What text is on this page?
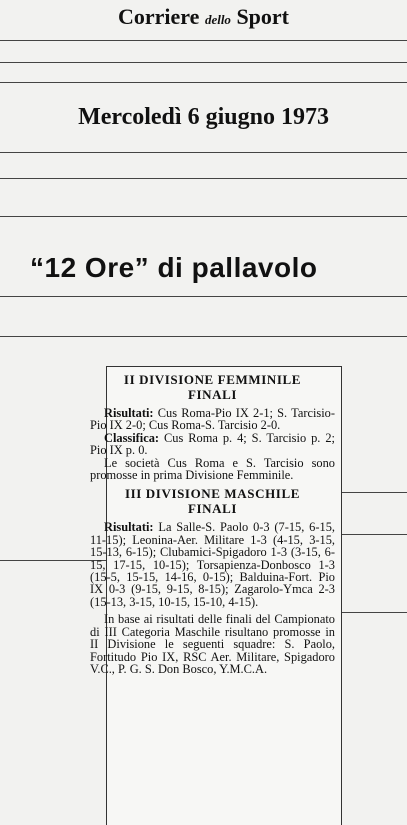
Corriere dello Sport
Mercoledì 6 giugno 1973
“12 Ore” di pallavolo
II DIVISIONE FEMMINILE
FINALI

Risultati: Cus Roma-Pio IX 2-1; S. Tarcisio-Pio IX 2-0; Cus Roma-S. Tarcisio 2-0.

Classifica: Cus Roma p. 4; S. Tarcisio p. 2; Pio IX p. 0.

Le società Cus Roma e S. Tarcisio sono promosse in prima Divisione Femminile.

III DIVISIONE MASCHILE
FINALI

Risultati: La Salle-S. Paolo 0-3 (7-15, 6-15, 11-15); Leonina-Aer. Militare 1-3 (4-15, 3-15, 15-13, 6-15); Clubamici-Spigadoro 1-3 (3-15, 6-15, 17-15, 10-15); Torsapienza-Donbosco 1-3 (15-5, 15-15, 14-16, 0-15); Balduina-Fort. Pio IX 0-3 (9-15, 9-15, 8-15); Zagarolo-Ymca 2-3 (15-13, 3-15, 10-15, 15-10, 4-15).

In base ai risultati delle finali del Campionato di III Categoria Maschile risultano promosse in II Divisione le seguenti squadre: S. Paolo, Fortitudo Pio IX, RSC Aer. Militare, Spigadoro V.C., P. G. S. Don Bosco, Y.M.C.A.
